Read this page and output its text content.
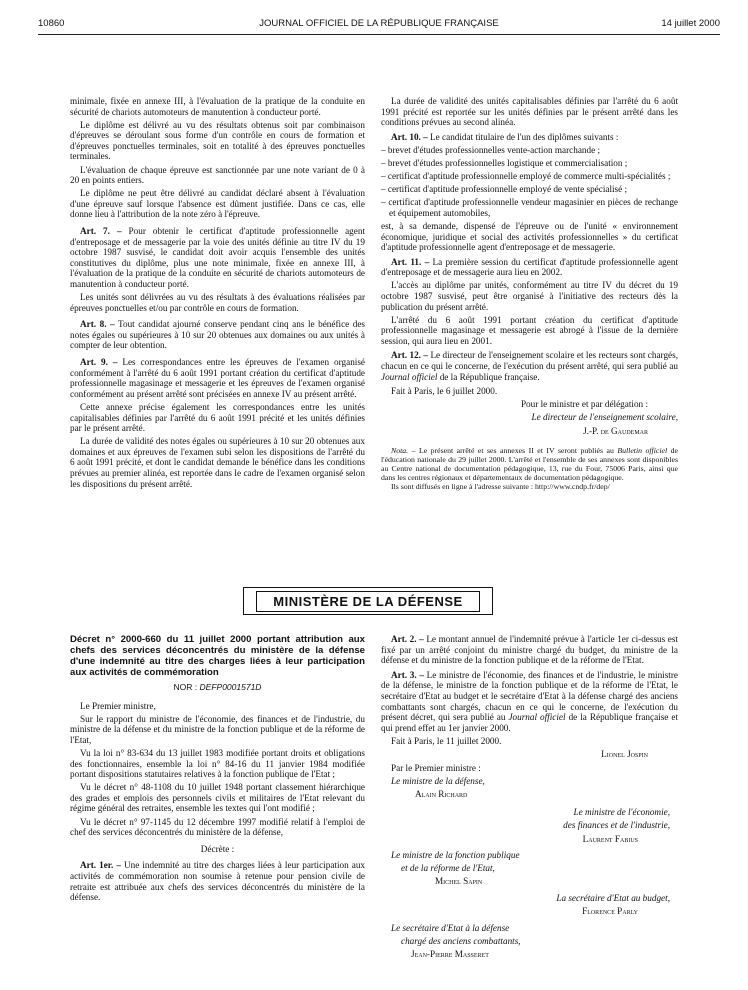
10860	JOURNAL OFFICIEL DE LA RÉPUBLIQUE FRANÇAISE	14 juillet 2000

minimale, fixée en annexe III, à l'évaluation de la pratique de la conduite en sécurité de chariots automoteurs de manutention à conducteur porté.

Le diplôme est délivré au vu des résultats obtenus soit par combinaison d'épreuves se déroulant sous forme d'un contrôle en cours de formation et d'épreuves ponctuelles terminales, soit en totalité à des épreuves ponctuelles terminales.

L'évaluation de chaque épreuve est sanctionnée par une note variant de 0 à 20 en points entiers.

Le diplôme ne peut être délivré au candidat déclaré absent à l'évaluation d'une épreuve sauf lorsque l'absence est dûment justifiée. Dans ce cas, elle donne lieu à l'attribution de la note zéro à l'épreuve.

Art. 7. – Pour obtenir le certificat d'aptitude professionnelle agent d'entreposage et de messagerie par la voie des unités définie au titre IV du 19 octobre 1987 susvisé, le candidat doit avoir acquis l'ensemble des unités constitutives du diplôme, plus une note minimale, fixée en annexe III, à l'évaluation de la pratique de la conduite en sécurité de chariots automoteurs de manutention à conducteur porté.

Les unités sont délivrées au vu des résultats à des évaluations réalisées par épreuves ponctuelles et/ou par contrôle en cours de formation.

Art. 8. – Tout candidat ajourné conserve pendant cinq ans le bénéfice des notes égales ou supérieures à 10 sur 20 obtenues aux domaines ou aux unités à compter de leur obtention.

Art. 9. – Les correspondances entre les épreuves de l'examen organisé conformément à l'arrêté du 6 août 1991 portant création du certificat d'aptitude professionnelle magasinage et messagerie et les épreuves de l'examen organisé conformément au présent arrêté sont précisées en annexe IV au présent arrêté.

Cette annexe précise également les correspondances entre les unités capitalisables définies par l'arrêté du 6 août 1991 précité et les unités définies par le présent arrêté.

La durée de validité des notes égales ou supérieures à 10 sur 20 obtenues aux domaines et aux épreuves de l'examen subi selon les dispositions de l'arrêté du 6 août 1991 précité, et dont le candidat demande le bénéfice dans les conditions prévues au premier alinéa, est reportée dans le cadre de l'examen organisé selon les dispositions du présent arrêté.

La durée de validité des unités capitalisables définies par l'arrêté du 6 août 1991 précité est reportée sur les unités définies par le présent arrêté dans les conditions prévues au second alinéa.

Art. 10. – Le candidat titulaire de l'un des diplômes suivants :

– brevet d'études professionnelles vente-action marchande ;

– brevet d'études professionnelles logistique et commercialisation ;

– certificat d'aptitude professionnelle employé de commerce multi-spécialités ;

– certificat d'aptitude professionnelle employé de vente spécialisé ;

– certificat d'aptitude professionnelle vendeur magasinier en pièces de rechange et équipement automobiles,

est, à sa demande, dispensé de l'épreuve ou de l'unité « environnement économique, juridique et social des activités professionnelles » du certificat d'aptitude professionnelle agent d'entreposage et de messagerie.

Art. 11. – La première session du certificat d'aptitude professionnelle agent d'entreposage et de messagerie aura lieu en 2002.

L'accès au diplôme par unités, conformément au titre IV du décret du 19 octobre 1987 susvisé, peut être organisé à l'initiative des recteurs dès la publication du présent arrêté.

L'arrêté du 6 août 1991 portant création du certificat d'aptitude professionnelle magasinage et messagerie est abrogé à l'issue de la dernière session, qui aura lieu en 2001.

Art. 12. – Le directeur de l'enseignement scolaire et les recteurs sont chargés, chacun en ce qui le concerne, de l'exécution du présent arrêté, qui sera publié au Journal officiel de la République française.

Fait à Paris, le 6 juillet 2000.

Pour le ministre et par délégation :

Le directeur de l'enseignement scolaire,

J.-P. de Gaudemar

Nota. – Le présent arrêté et ses annexes II et IV seront publiés au Bulletin officiel de l'éducation nationale du 29 juillet 2000. L'arrêté et l'ensemble de ses annexes sont disponibles au Centre national de documentation pédagogique, 13, rue du Four, 75006 Paris, ainsi que dans les centres régionaux et départementaux de documentation pédagogique.

Ils sont diffusés en ligne à l'adresse suivante : http://www.cndp.fr/dep/

MINISTÈRE DE LA DÉFENSE

Décret n° 2000-660 du 11 juillet 2000 portant attribution aux chefs des services déconcentrés du ministère de la défense d'une indemnité au titre des charges liées à leur participation aux activités de commémoration

NOR : DEFP0001571D

Le Premier ministre,

Sur le rapport du ministre de l'économie, des finances et de l'industrie, du ministre de la défense et du ministre de la fonction publique et de la réforme de l'Etat,

Vu la loi n° 83-634 du 13 juillet 1983 modifiée portant droits et obligations des fonctionnaires, ensemble la loi n° 84-16 du 11 janvier 1984 modifiée portant dispositions statutaires relatives à la fonction publique de l'Etat ;

Vu le décret n° 48-1108 du 10 juillet 1948 portant classement hiérarchique des grades et emplois des personnels civils et militaires de l'Etat relevant du régime général des retraites, ensemble les textes qui l'ont modifié ;

Vu le décret n° 97-1145 du 12 décembre 1997 modifié relatif à l'emploi de chef des services déconcentrés du ministère de la défense,

Décrète :

Art. 1er. – Une indemnité au titre des charges liées à leur participation aux activités de commémoration non soumise à retenue pour pension civile de retraite est attribuée aux chefs des services déconcentrés du ministère de la défense.

Art. 2. – Le montant annuel de l'indemnité prévue à l'article 1er ci-dessus est fixé par un arrêté conjoint du ministre chargé du budget, du ministre de la défense et du ministre de la fonction publique et de la réforme de l'Etat.

Art. 3. – Le ministre de l'économie, des finances et de l'industrie, le ministre de la défense, le ministre de la fonction publique et de la réforme de l'Etat, le secrétaire d'Etat au budget et le secrétaire d'Etat à la défense chargé des anciens combattants sont chargés, chacun en ce qui le concerne, de l'exécution du présent décret, qui sera publié au Journal officiel de la République française et qui prend effet au 1er janvier 2000.

Fait à Paris, le 11 juillet 2000.

Lionel Jospin

Par le Premier ministre :

Le ministre de la défense,

Alain Richard

Le ministre de l'économie,

des finances et de l'industrie,

Laurent Fabius

Le ministre de la fonction publique

et de la réforme de l'Etat,

Michel Sapin

La secrétaire d'Etat au budget,

Florence Parly

Le secrétaire d'Etat à la défense

chargé des anciens combattants,

Jean-Pierre Masseret
